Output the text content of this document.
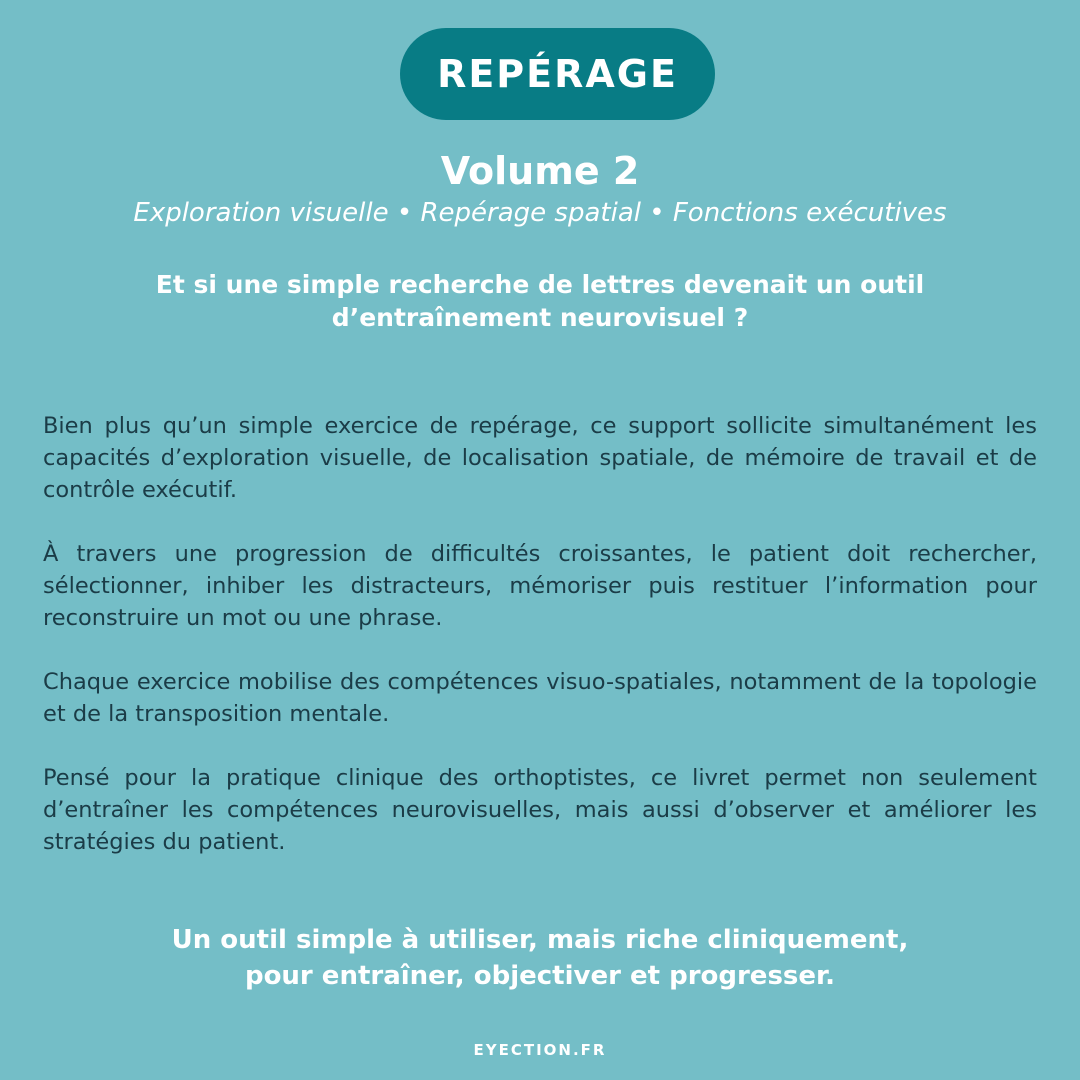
REPÉRAGE
Volume 2
Exploration visuelle • Repérage spatial • Fonctions exécutives
Et si une simple recherche de lettres devenait un outil
d’entraînement neurovisuel ?

Bien plus qu’un simple exercice de repérage, ce support sollicite simultanément les capacités d’exploration visuelle, de localisation spatiale, de mémoire de travail et de contrôle exécutif.

À travers une progression de difficultés croissantes, le patient doit rechercher, sélectionner, inhiber les distracteurs, mémoriser puis restituer l’information pour reconstruire un mot ou une phrase.

Chaque exercice mobilise des compétences visuo-spatiales, notamment de la topologie et de la transposition mentale.

Pensé pour la pratique clinique des orthoptistes, ce livret permet non seulement d’entraîner les compétences neurovisuelles, mais aussi d’observer et améliorer les stratégies du patient.

Un outil simple à utiliser, mais riche cliniquement,
pour entraîner, objectiver et progresser.
EYECTION.FR
